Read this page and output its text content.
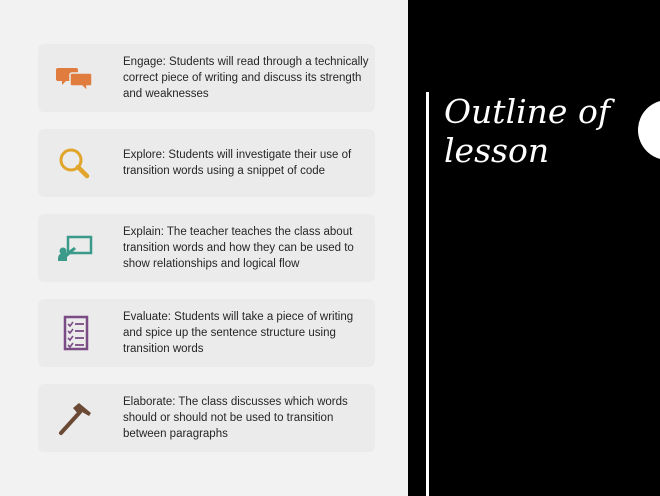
Engage: Students will read through a technically correct piece of writing and discuss its strength and weaknesses
Explore: Students will investigate their use of transition words using a snippet of code
Explain: The teacher teaches the class about transition words and how they can be used to show relationships and logical flow
Evaluate: Students will take a piece of writing and spice up the sentence structure using transition words
Elaborate: The class discusses which words should or should not be used to transition between paragraphs
Outline of lesson
